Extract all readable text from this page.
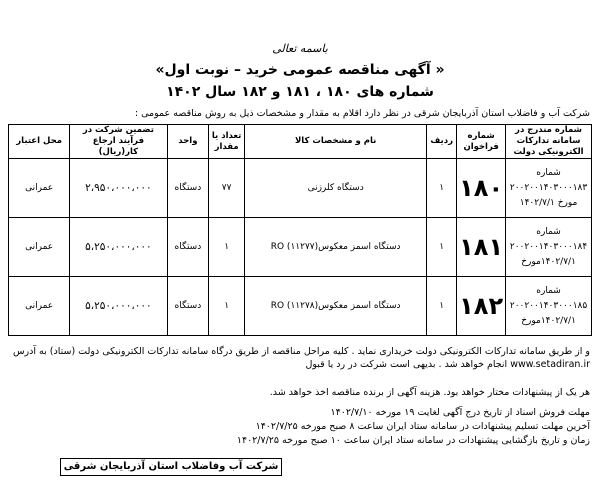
باسمه تعالی
« آگهی مناقصه عمومی خرید – نوبت اول»
شماره های ۱۸۰ ، ۱۸۱ و ۱۸۲ سال ۱۴۰۲
شرکت آب و فاضلاب استان آذربایجان شرقی در نظر دارد اقلام به مقدار و مشخصات ذیل به روش مناقصه عمومی :
شماره مندرج در سامانه تدارکات الکترونیکی دولت	شماره فراخوان	ردیف	نام و مشخصات کالا	تعداد یا مقدار	واحد	تضمین شرکت در فرآیند ارجاع کار(ریال)	محل اعتبار

شماره
۲۰۰۲۰۰۱۴۰۳۰۰۰۱۸۳
مورخ ۱۴۰۲/۷/۱	۱۸۰	۱	دستگاه کلرزنی	۷۷	دستگاه	۲،۹۵۰،۰۰۰،۰۰۰	عمرانی

شماره
۲۰۰۲۰۰۱۴۰۳۰۰۰۱۸۴
۱۴۰۲/۷/۱مورخ	۱۸۱	۱	دستگاه اسمز معکوسRO (۱۱۲۷۷)	۱	دستگاه	۵،۲۵۰،۰۰۰،۰۰۰	عمرانی

شماره
۲۰۰۲۰۰۱۴۰۳۰۰۰۱۸۵
۱۴۰۲/۷/۱مورخ	۱۸۲	۱	دستگاه اسمز معکوسRO (۱۱۲۷۸)	۱	دستگاه	۵،۲۵۰،۰۰۰،۰۰۰	عمرانی
و از طریق سامانه تدارکات الکترونیکی دولت خریداری نماید . کلیه مراحل مناقصه از طریق درگاه سامانه تدارکات الکترونیکی دولت (ستاد) به آدرس www.setadiran.ir انجام خواهد شد . بدیهی است شرکت در رد یا قبول
هر یک از پیشنهادات مختار خواهد بود. هزینه آگهی از برنده مناقصه اخذ خواهد شد.
مهلت فروش اسناد از تاریخ درج آگهی لغایت ۱۹ مورخه ۱۴۰۲/۷/۱۰
آخرین مهلت تسلیم پیشنهادات در سامانه ستاد ایران ساعت ۸ صبح مورخه ۱۴۰۲/۷/۲۵
زمان و تاریخ بازگشایی پیشنهادات در سامانه ستاد ایران ساعت ۱۰ صبح مورخه ۱۴۰۲/۷/۲۵
شرکت آب وفاضلاب استان آذربایجان شرقی
